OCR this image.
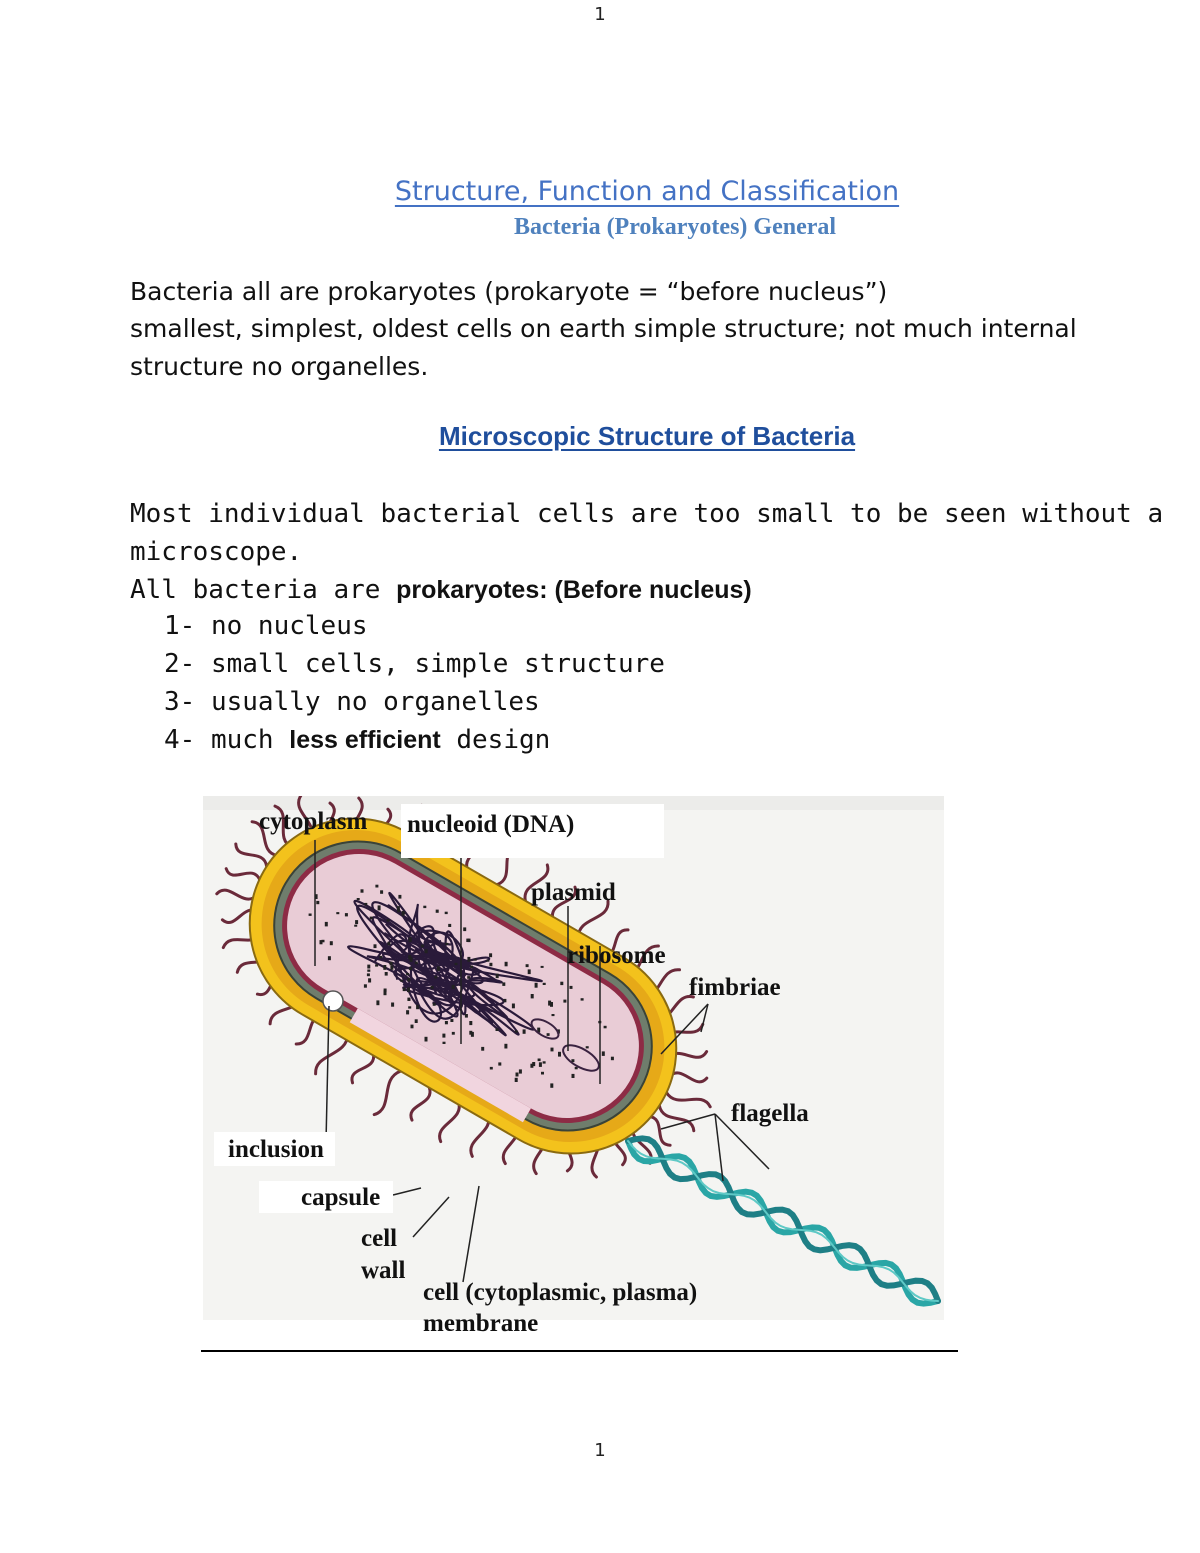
1
Structure, Function and Classification
Bacteria (Prokaryotes) General
Bacteria all are prokaryotes (prokaryote = “before nucleus”)
smallest, simplest, oldest cells on earth simple structure; not much internal
structure no organelles.
Microscopic Structure of Bacteria
Most individual bacterial cells are too small to be seen without a
microscope.
All bacteria are prokaryotes: (Before nucleus)
1- no nucleus
2- small cells, simple structure
3- usually no organelles
4- much less efficient design
cytoplasm nucleoid (DNA)
plasmid
ribosome
fimbriae
flagella
inclusion
capsule
cell
wall
cell (cytoplasmic, plasma)
membrane
1
